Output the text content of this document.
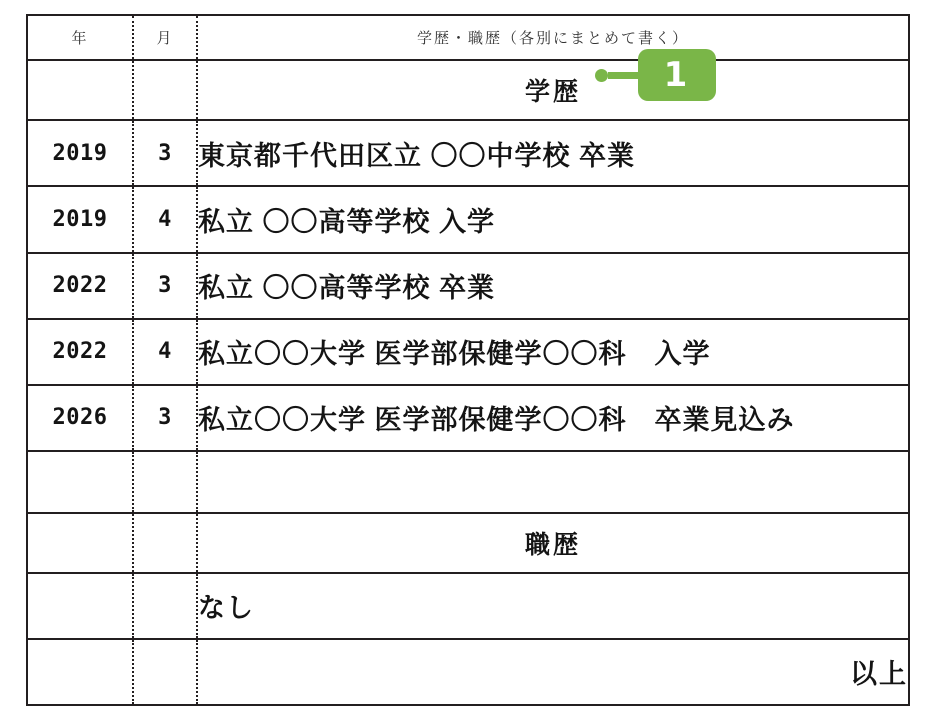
年	月	学歴・職歴（各別にまとめて書く）
		学歴 1

2019	3	東京都千代田区立 〇〇中学校 卒業
2019	4	私立 〇〇高等学校 入学
2022	3	私立 〇〇高等学校 卒業
2022	4	私立〇〇大学 医学部保健学〇〇科　入学
2026	3	私立〇〇大学 医学部保健学〇〇科　卒業見込み

		職歴
		なし
		以上
